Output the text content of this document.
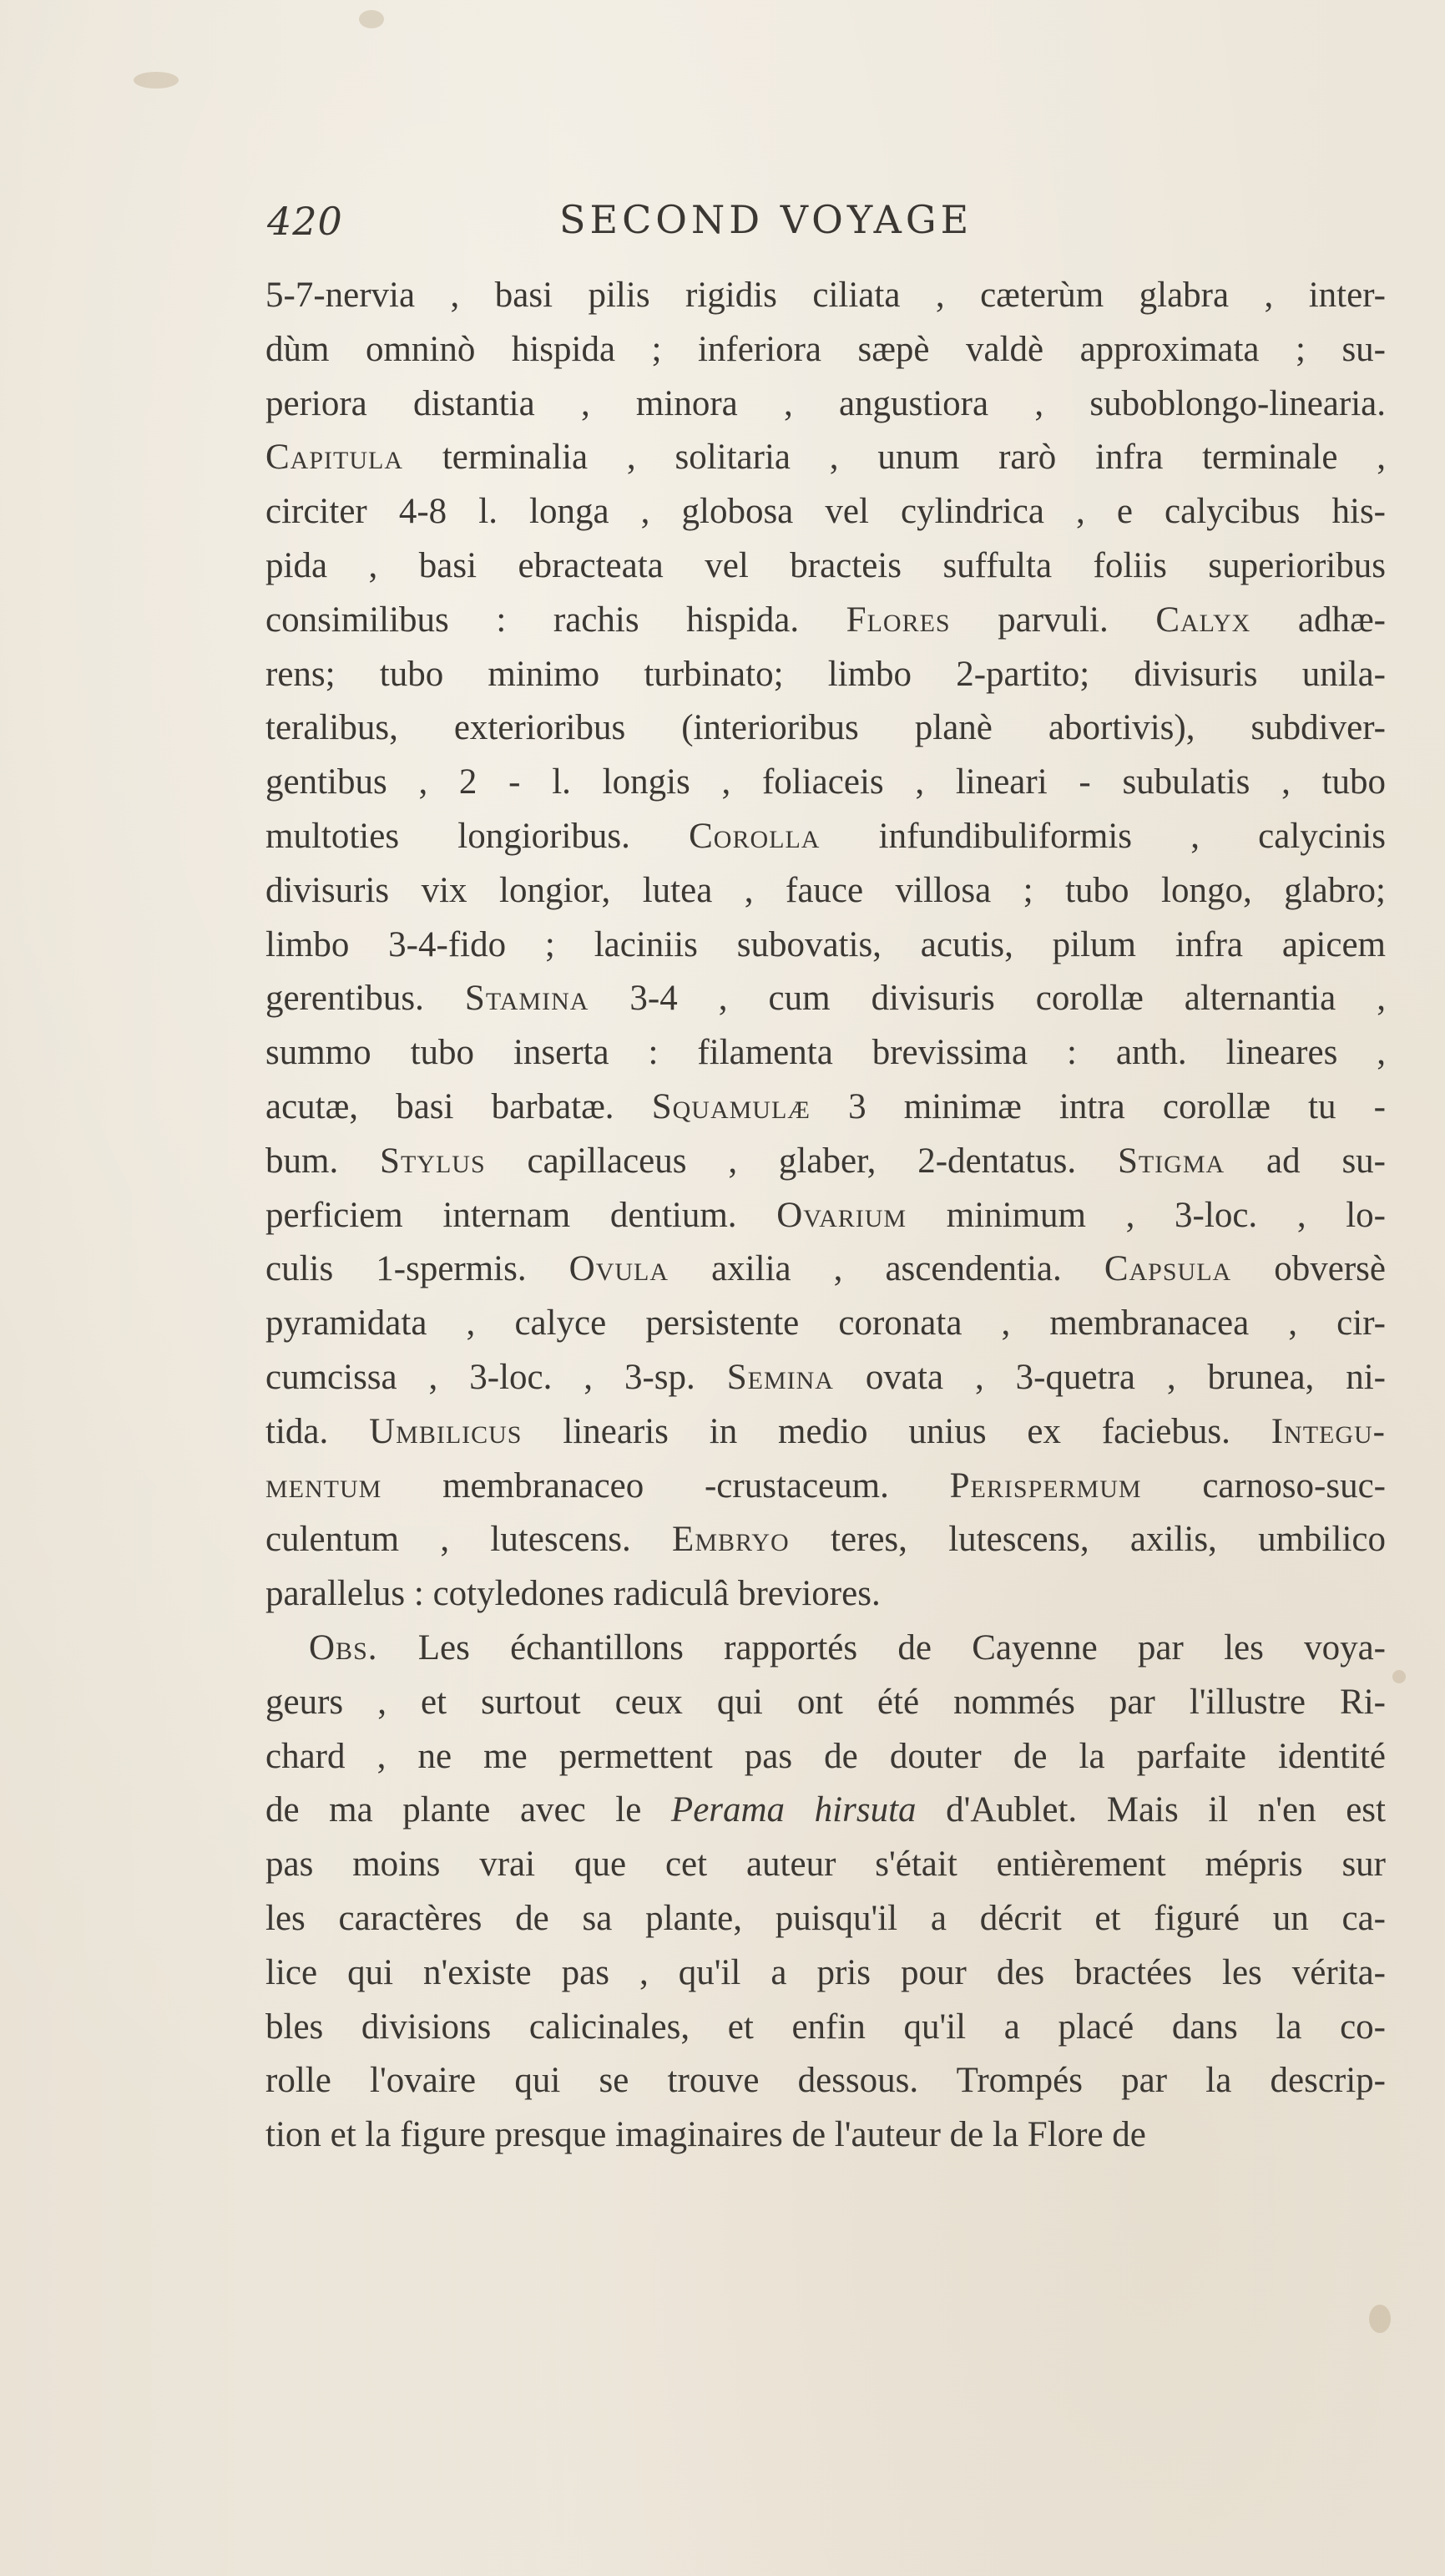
420	SECOND VOYAGE
5-7-nervia , basi pilis rigidis ciliata , cæterùm glabra , inter-
dùm omninò hispida ; inferiora sæpè valdè approximata ; su-
periora distantia , minora , angustiora , suboblongo-linearia.
Capitula terminalia , solitaria , unum rarò infra terminale ,
circiter 4-8 l. longa , globosa vel cylindrica , e calycibus his-
pida , basi ebracteata vel bracteis suffulta foliis superioribus
consimilibus : rachis hispida. Flores parvuli. Calyx adhæ-
rens; tubo minimo turbinato; limbo 2-partito; divisuris unila-
teralibus, exterioribus (interioribus planè abortivis), subdiver-
gentibus , 2 - l. longis , foliaceis , lineari - subulatis , tubo
multoties longioribus. Corolla infundibuliformis , calycinis
divisuris vix longior, lutea , fauce villosa ; tubo longo, glabro;
limbo 3-4-fido ; laciniis subovatis, acutis, pilum infra apicem
gerentibus. Stamina 3-4 , cum divisuris corollæ alternantia ,
summo tubo inserta : filamenta brevissima : anth. lineares ,
acutæ, basi barbatæ. Squamulæ 3 minimæ intra corollæ tu -
bum. Stylus capillaceus , glaber, 2-dentatus. Stigma ad su-
perficiem internam dentium. Ovarium minimum , 3-loc. , lo-
culis 1-spermis. Ovula axilia , ascendentia. Capsula obversè
pyramidata , calyce persistente coronata , membranacea , cir-
cumcissa , 3-loc. , 3-sp. Semina ovata , 3-quetra , brunea, ni-
tida. Umbilicus linearis in medio unius ex faciebus. Integu-
mentum membranaceo -crustaceum. Perispermum carnoso-suc-
culentum , lutescens. Embryo teres, lutescens, axilis, umbilico
parallelus : cotyledones radiculâ breviores.
Obs. Les échantillons rapportés de Cayenne par les voya-
geurs , et surtout ceux qui ont été nommés par l'illustre Ri-
chard , ne me permettent pas de douter de la parfaite identité
de ma plante avec le Perama hirsuta d'Aublet. Mais il n'en est
pas moins vrai que cet auteur s'était entièrement mépris sur
les caractères de sa plante, puisqu'il a décrit et figuré un ca-
lice qui n'existe pas , qu'il a pris pour des bractées les vérita-
bles divisions calicinales, et enfin qu'il a placé dans la co-
rolle l'ovaire qui se trouve dessous. Trompés par la descrip-
tion et la figure presque imaginaires de l'auteur de la Flore de
